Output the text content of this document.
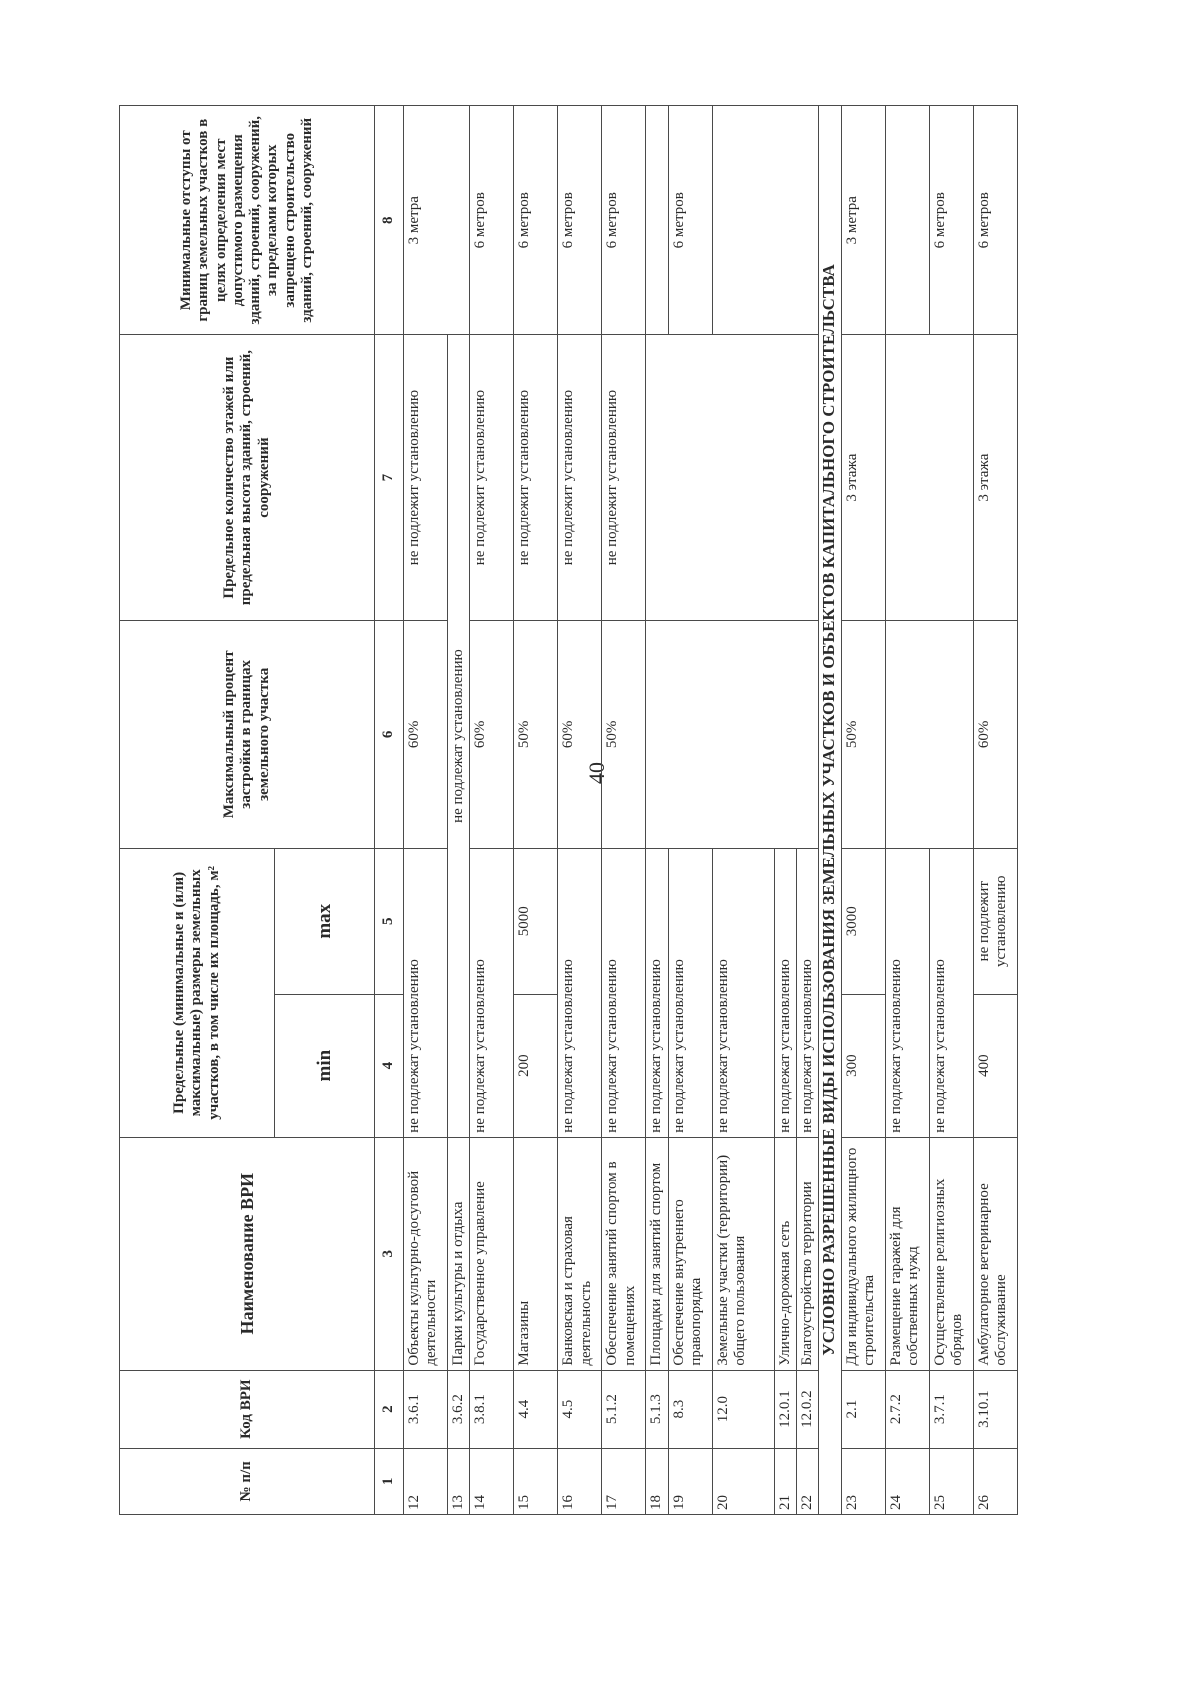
40
№ п/п	Код ВРИ	Наименование ВРИ	Предельные (минимальные и (или) максимальные) размеры земельных участков, в том числе их площадь, м²		Максимальный процент застройки в границах земельного участка	Предельное количество этажей или предельная высота зданий, строений, сооружений	Минимальные отступы от границ земельных участков в целях определения мест допустимого размещения зданий, строений, сооружений, за пределами которых запрещено строительство зданий, строений, сооружений
			min	max			
1	2	3	4	5	6	7	8
12	3.6.1	Объекты культурно-досуговой деятельности	не подлежат установлению		60%	не подлежит установлению	3 метра
13	3.6.2	Парки культуры и отдыха	не подлежат установлению				
14	3.8.1	Государственное управление	не подлежат установлению		60%	не подлежит установлению	6 метров
15	4.4	Магазины	200	5000	50%	не подлежит установлению	6 метров
16	4.5	Банковская и страховая деятельность	не подлежат установлению		60%	не подлежит установлению	6 метров
17	5.1.2	Обеспечение занятий спортом в помещениях	не подлежат установлению		50%	не подлежит установлению	6 метров
18	5.1.3	Площадки для занятий спортом	не подлежат установлению				
19	8.3	Обеспечение внутреннего правопорядка	не подлежат установлению				6 метров
20	12.0	Земельные участки (территории) общего пользования	не подлежат установлению				
21	12.0.1	Улично-дорожная сеть	не подлежат установлению				
22	12.0.2	Благоустройство территории	не подлежат установлению				
УСЛОВНО РАЗРЕШЕННЫЕ ВИДЫ ИСПОЛЬЗОВАНИЯ ЗЕМЕЛЬНЫХ УЧАСТКОВ И ОБЪЕКТОВ КАПИТАЛЬНОГО СТРОИТЕЛЬСТВА							
23	2.1	Для индивидуального жилищного строительства	300	3000	50%	3 этажа	3 метра
24	2.7.2	Размещение гаражей для собственных нужд	не подлежат установлению				
25	3.7.1	Осуществление религиозных обрядов	не подлежат установлению				6 метров
26	3.10.1	Амбулаторное ветеринарное обслуживание	400	не подлежит установлению	60%	3 этажа	6 метров
